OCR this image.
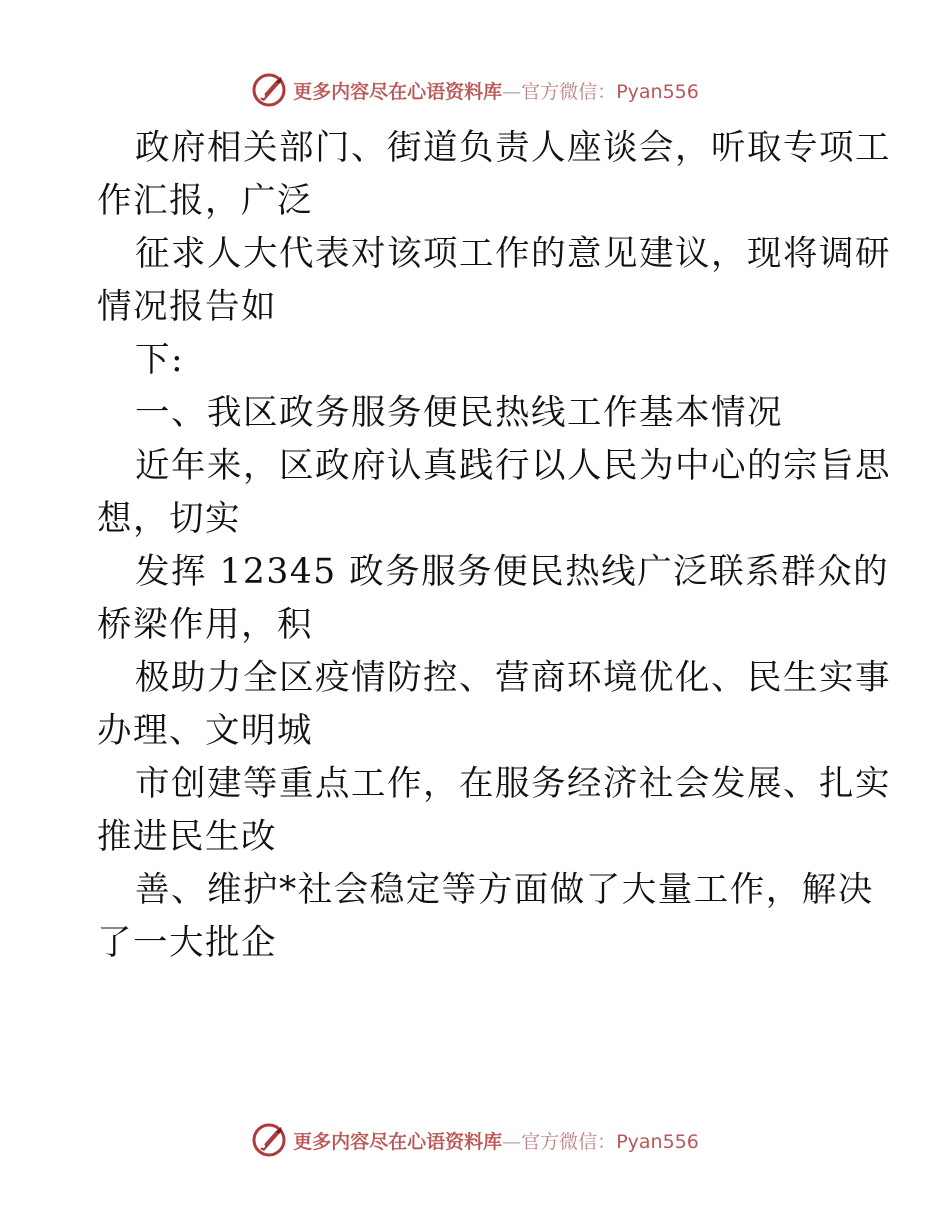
更多内容尽在心语资料库—官方微信：Pyan556
政府相关部门、街道负责人座谈会，听取专项工
作汇报，广泛
征求人大代表对该项工作的意见建议，现将调研
情况报告如
下:
一、我区政务服务便民热线工作基本情况
近年来，区政府认真践行以人民为中心的宗旨思
想，切实
发挥 12345 政务服务便民热线广泛联系群众的
桥梁作用，积
极助力全区疫情防控、营商环境优化、民生实事
办理、文明城
市创建等重点工作，在服务经济社会发展、扎实
推进民生改
善、维护*社会稳定等方面做了大量工作，解决
了一大批企
更多内容尽在心语资料库—官方微信：Pyan556
